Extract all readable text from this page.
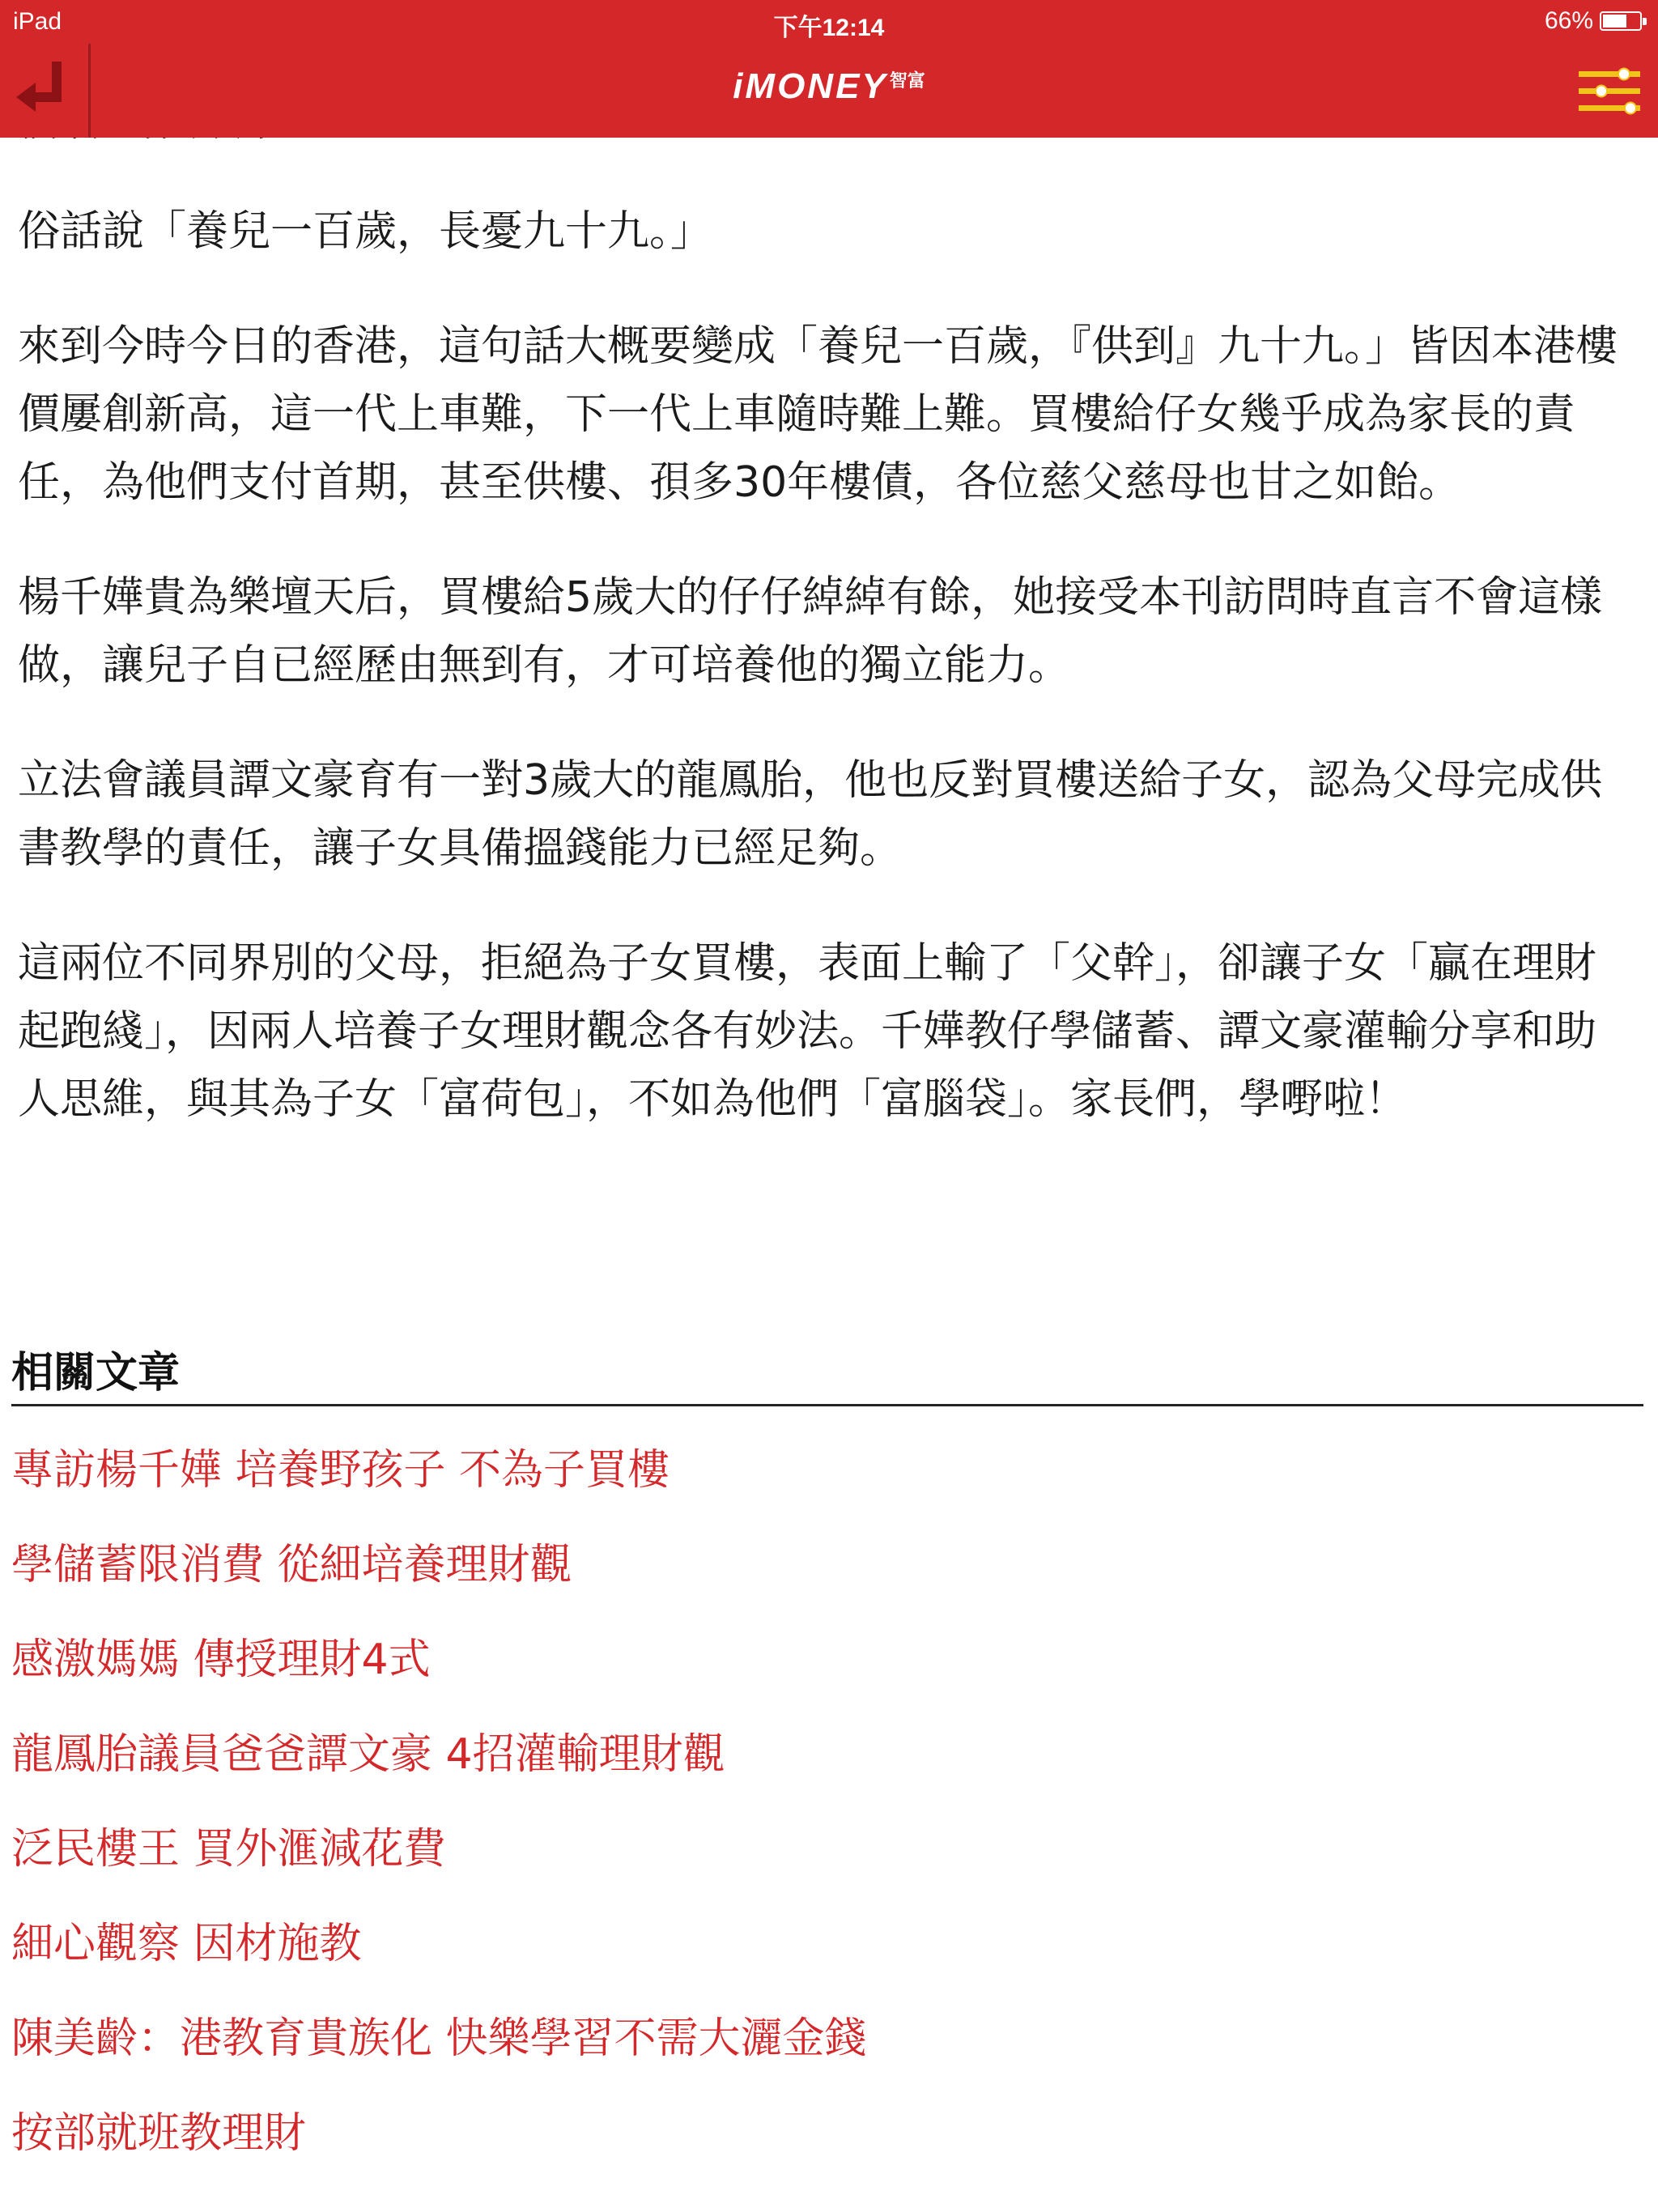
俗話說「養兒一百歲，長憂九十九。」

來到今時今日的香港，這句話大概要變成「養兒一百歲，『供到』九十九。」皆因本港樓價屢創新高，這一代上車難，下一代上車隨時難上難。買樓給仔女幾乎成為家長的責任，為他們支付首期，甚至供樓、孭多30年樓債，各位慈父慈母也甘之如飴。

楊千嬅貴為樂壇天后，買樓給5歲大的仔仔綽綽有餘，她接受本刊訪問時直言不會這樣做，讓兒子自已經歷由無到有，才可培養他的獨立能力。

立法會議員譚文豪育有一對3歲大的龍鳳胎，他也反對買樓送給子女，認為父母完成供書教學的責任，讓子女具備搵錢能力已經足夠。

這兩位不同界別的父母，拒絕為子女買樓，表面上輸了「父幹」，卻讓子女「贏在理財起跑綫」，因兩人培養子女理財觀念各有妙法。千嬅教仔學儲蓄、譚文豪灌輸分享和助人思維，與其為子女「富荷包」，不如為他們「富腦袋」。家長們，學嘢啦！

相關文章
專訪楊千嬅 培養野孩子 不為子買樓
學儲蓄限消費 從細培養理財觀
感激媽媽 傳授理財4式
龍鳳胎議員爸爸譚文豪 4招灌輸理財觀
泛民樓王 買外滙減花費
細心觀察 因材施教
陳美齡：港教育貴族化 快樂學習不需大灑金錢
按部就班教理財
iPad	下午12:14	66%
iMONEY智富
